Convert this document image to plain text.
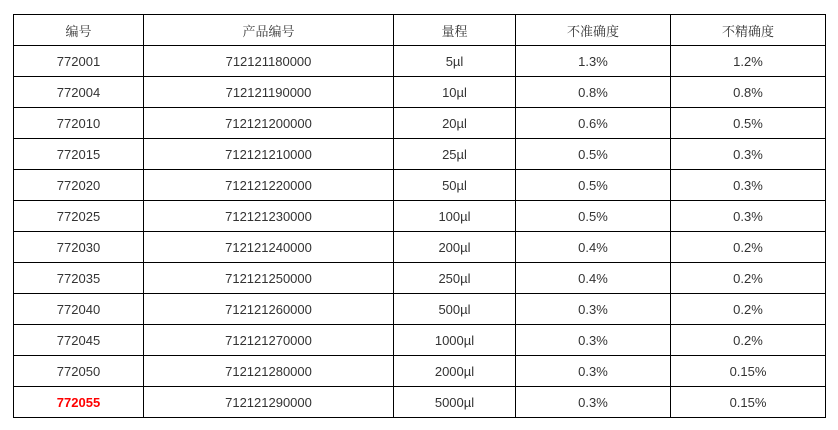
编号	产品编号	量程	不准确度	不精确度
772001	712121180000	5µl	1.3%	1.2%
772004	712121190000	10µl	0.8%	0.8%
772010	712121200000	20µl	0.6%	0.5%
772015	712121210000	25µl	0.5%	0.3%
772020	712121220000	50µl	0.5%	0.3%
772025	712121230000	100µl	0.5%	0.3%
772030	712121240000	200µl	0.4%	0.2%
772035	712121250000	250µl	0.4%	0.2%
772040	712121260000	500µl	0.3%	0.2%
772045	712121270000	1000µl	0.3%	0.2%
772050	712121280000	2000µl	0.3%	0.15%
772055	712121290000	5000µl	0.3%	0.15%
